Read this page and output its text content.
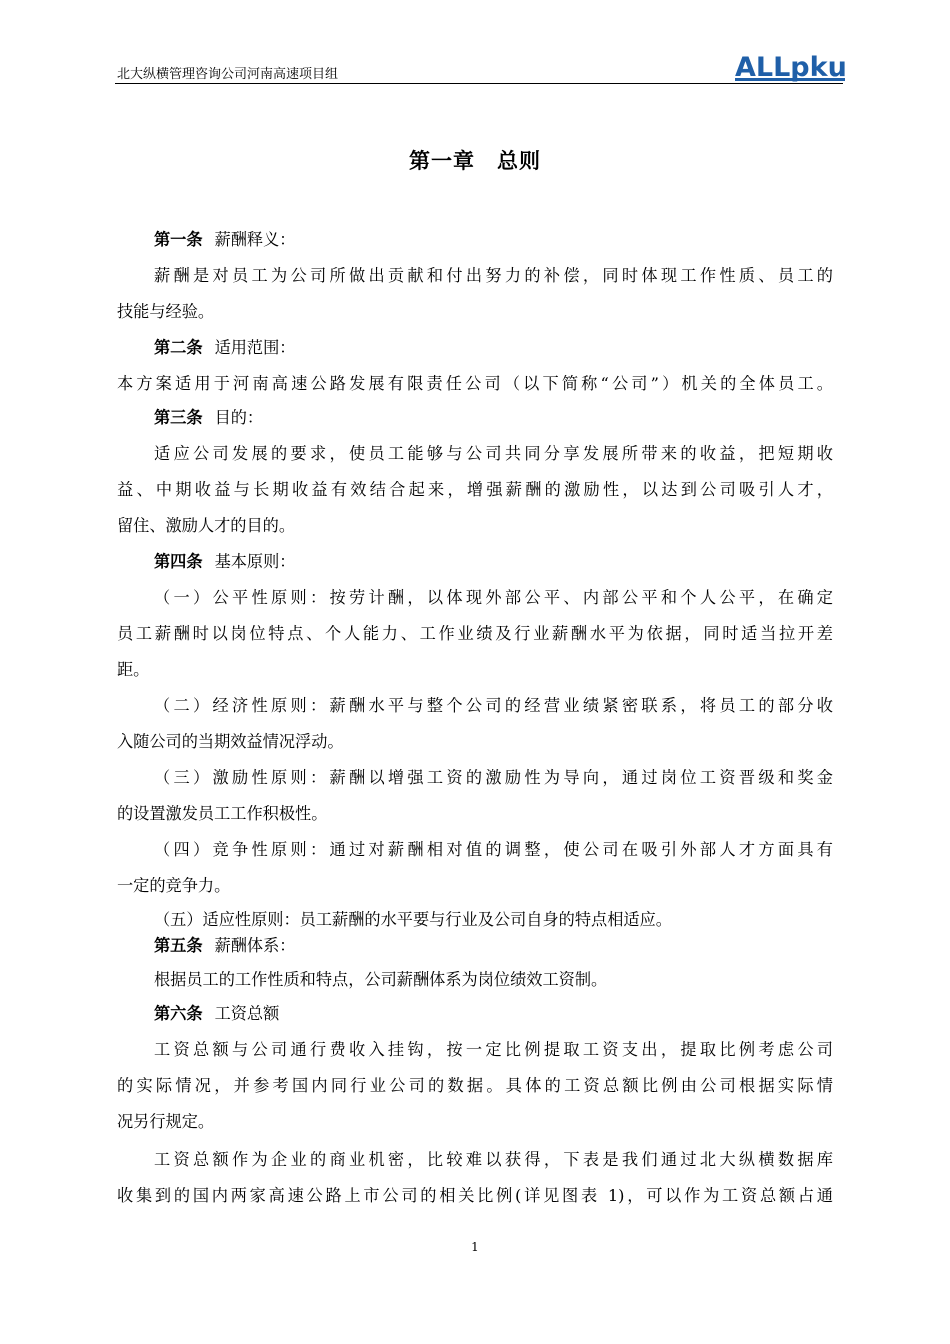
北大纵横管理咨询公司河南高速项目组	ALLpku
第一章　总则
第一条 薪酬释义：
薪酬是对员工为公司所做出贡献和付出努力的补偿，同时体现工作性质、员工的
技能与经验。
第二条 适用范围：
本方案适用于河南高速公路发展有限责任公司（以下简称“公司”）机关的全体员工。
第三条 目的：
适应公司发展的要求，使员工能够与公司共同分享发展所带来的收益，把短期收
益、中期收益与长期收益有效结合起来，增强薪酬的激励性，以达到公司吸引人才，
留住、激励人才的目的。
第四条 基本原则：
（一）公平性原则：按劳计酬，以体现外部公平、内部公平和个人公平，在确定
员工薪酬时以岗位特点、个人能力、工作业绩及行业薪酬水平为依据，同时适当拉开差
距。
（二）经济性原则：薪酬水平与整个公司的经营业绩紧密联系，将员工的部分收
入随公司的当期效益情况浮动。
（三）激励性原则：薪酬以增强工资的激励性为导向，通过岗位工资晋级和奖金
的设置激发员工工作积极性。
（四）竞争性原则：通过对薪酬相对值的调整，使公司在吸引外部人才方面具有
一定的竞争力。
（五）适应性原则：员工薪酬的水平要与行业及公司自身的特点相适应。
第五条 薪酬体系：
根据员工的工作性质和特点，公司薪酬体系为岗位绩效工资制。
第六条 工资总额
工资总额与公司通行费收入挂钩，按一定比例提取工资支出，提取比例考虑公司
的实际情况，并参考国内同行业公司的数据。具体的工资总额比例由公司根据实际情
况另行规定。
工资总额作为企业的商业机密，比较难以获得，下表是我们通过北大纵横数据库
收集到的国内两家高速公路上市公司的相关比例(详见图表 1)，可以作为工资总额占通
1
